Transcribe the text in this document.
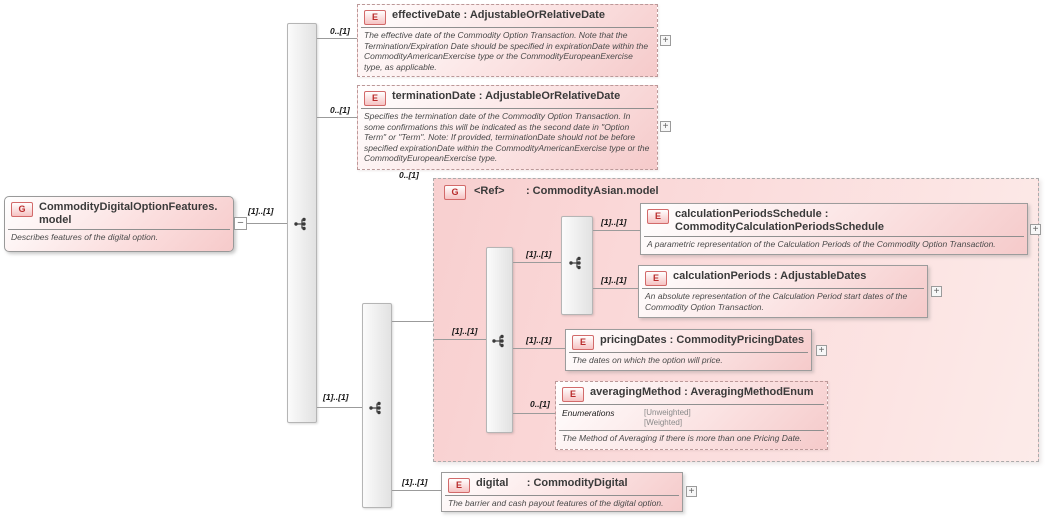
G	CommodityDigitalOptionFeatures.model
Describes features of the digital option.
−
[1]..[1]
0..[1]
E	effectiveDate : AdjustableOrRelativeDate
The effective date of the Commodity Option Transaction. Note that the Termination/Expiration Date should be specified in expirationDate within the CommodityAmericanExercise type or the CommodityEuropeanExercise type, as applicable.
+
0..[1]
E	terminationDate : AdjustableOrRelativeDate
Specifies the termination date of the Commodity Option Transaction. In some confirmations this will be indicated as the second date in "Option Term" or "Term". Note: If provided, terminationDate should not be before specified expirationDate within the CommodityAmericanExercise type or the CommodityEuropeanExercise type.
+
[1]..[1]
0..[1]
G	<Ref>       : CommodityAsian.model
[1]..[1]
[1]..[1]
[1]..[1]
E	calculationPeriodsSchedule : CommodityCalculationPeriodsSchedule
A parametric representation of the Calculation Periods of the Commodity Option Transaction.
+
[1]..[1]	E	calculationPeriods : AdjustableDates
An absolute representation of the Calculation Period start dates of the Commodity Option Transaction.
+
[1]..[1]	E	pricingDates : CommodityPricingDates
The dates on which the option will price.
+
0..[1]
E	averagingMethod : AveragingMethodEnum
Enumerations	[Unweighted]
[Weighted]
The Method of Averaging if there is more than one Pricing Date.
[1]..[1]	E	digital      : CommodityDigital
The barrier and cash payout features of the digital option.
+
